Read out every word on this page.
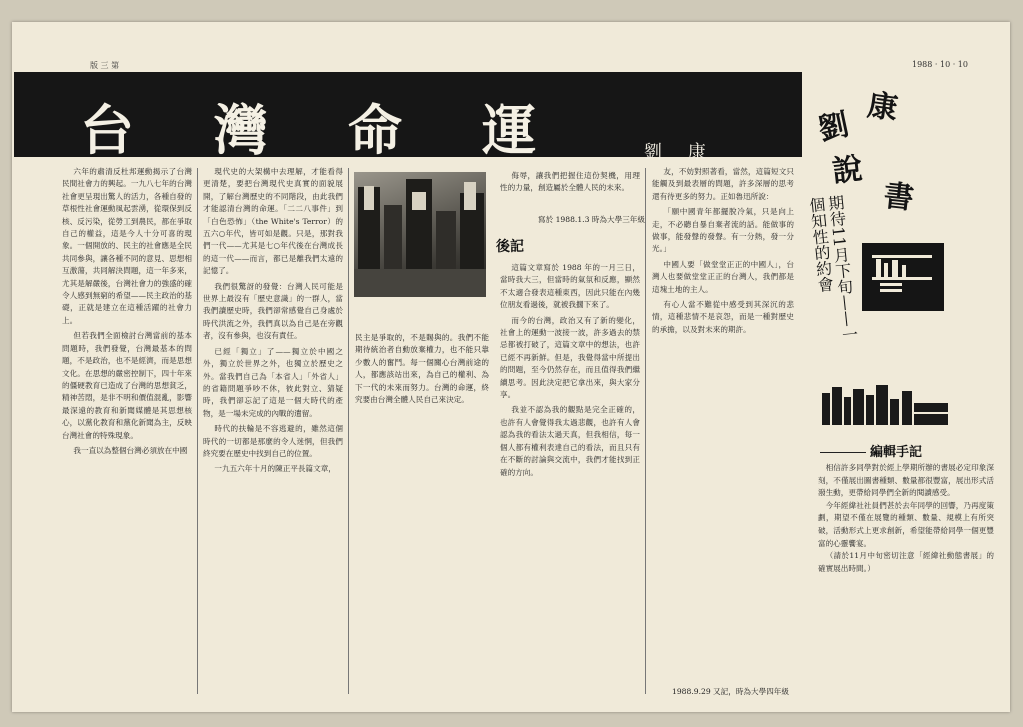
版 三 第	1988 · 10 · 10
台 灣 命 運	劉 康

六年的肅清反杜邦運動揭示了台灣民間社會力的興起。一九八七年的台灣社會更呈現出驚人的活力，各種自發的草根性社會運動風起雲湧，從環保到反核、反污染，從勞工到農民，都在爭取自己的權益，這是今人十分可喜的現象。一個開放的、民主的社會應是全民共同參與，讓各種不同的意見、思想相互激蕩，共同解決問題，這一年多來，尤其是解嚴後，台灣社會力的強盛的確令人感到無窮的希望——民主政治的基礎，正就是建立在這種活躍的社會力上。

但若我們全面檢討台灣當前的基本問題時，我們發覺，台灣最基本的問題，不是政治，也不是經濟，而是思想文化。在思想的嚴密控制下，四十年來的僵硬教育已造成了台灣的思想貧乏，精神苦悶，是非不明和價值混亂，影響最深遠的教育和新聞媒體是其思想核心，以黨化教育和黨化新聞為主，反映台灣社會的特殊現象。

我一直以為整個台灣必須放在中國

現代史的大架構中去理解，才能看得更清楚，要把台灣現代史真實的面貌展開，了解台灣歷史的不同階段，由此我們才能認清台灣的命運。「二二八事件」到「白色恐怖」（the White's Terror）的五六○年代，皆可如是觀。只是，那對我們一代——尤其是七○年代後在台灣成長的這一代——而言，都已是離我們太遠的記憶了。

我們很驚訝的發覺：台灣人民可能是世界上最沒有「歷史意識」的一群人，當我們讀歷史時，我們卻常感覺自己身處於時代洪流之外，我們真以為自己是在旁觀者，沒有參與，也沒有責任。

已經「獨立」了——獨立於中國之外，獨立於世界之外，也獨立於歷史之外。當我們自己為「本省人」「外省人」的省籍問題爭吵不休，彼此對立、猜疑時，我們卻忘記了這是一個大時代的產物，是一場未完成的內戰的遺留。

時代的扶輪是不容逃避的，雖然這個時代的一切都是那麼的令人迷惘，但我們終究要在歷史中找到自己的位置。

一九五六年十月的陳正平長篇文章，

民主是爭取的，不是賜與的。我們不能期待統治者自動放棄權力，也不能只靠少數人的奮鬥。每一個關心台灣前途的人，都應該站出來，為自己的權利、為下一代的未來而努力。台灣的命運，終究要由台灣全體人民自己來決定。

侮辱，讓我們把握住這份契機，用理性的力量，創造屬於全體人民的未來。

寫於 1988.1.3 時為大學三年級
後記

這篇文章寫於 1988 年的一月三日，當時我大三，但當時的氣氛和反應，顯然不太適合發表這種東西，因此只能在內幾位朋友看過後，就被我擱下來了。

而今的台灣，政治又有了新的變化，社會上的運動一波接一波，許多過去的禁忌都被打破了，這篇文章中的想法，也許已經不再新鮮。但是，我覺得當中所提出的問題，至今仍然存在，而且值得我們繼續思考。因此決定把它拿出來，與大家分享。

我並不認為我的觀點是完全正確的，也許有人會覺得我太過悲觀，也許有人會認為我的看法太過天真，但我相信，每一個人都有權利表達自己的看法，而且只有在不斷的討論與交流中，我們才能找到正確的方向。

友，不妨對照著看，當然，這篇短文只能觸及到最表層的問題，許多深層的思考還有待更多的努力。正如魯迅所說：

「願中國青年都擺脫冷氣，只是向上走，不必聽自暴自棄者流的話。能做事的做事，能發聲的發聲。有一分熱，發一分光。」

中國人要「做堂堂正正的中國人」，台灣人也要做堂堂正正的台灣人，我們都是這塊土地的主人。

有心人當不難從中感受到其深沉的悲情，這種悲情不是哀怨，而是一種對歷史的承擔，以及對未來的期許。

1988.9.29 又記，時為大學四年級
劉 康
說
書
期待11月下旬——一個知性的約會
編輯手記

相信許多同學對於經上學期所辦的書展必定印象深刻，不僅展出圖書種類、數量都很豐富，展出形式活潑生動，更帶給同學們全新的閱讀感受。

今年經緯社社員們甚於去年同學的回響，乃再度策劃，期望不僅在展覽的種類、數量、規模上有所突破，活動形式上更求創新，希望能帶給同學一個更豐富的心靈饗宴。

（請於11月中旬密切注意「經緯社動態書展」的確實展出時間。）
